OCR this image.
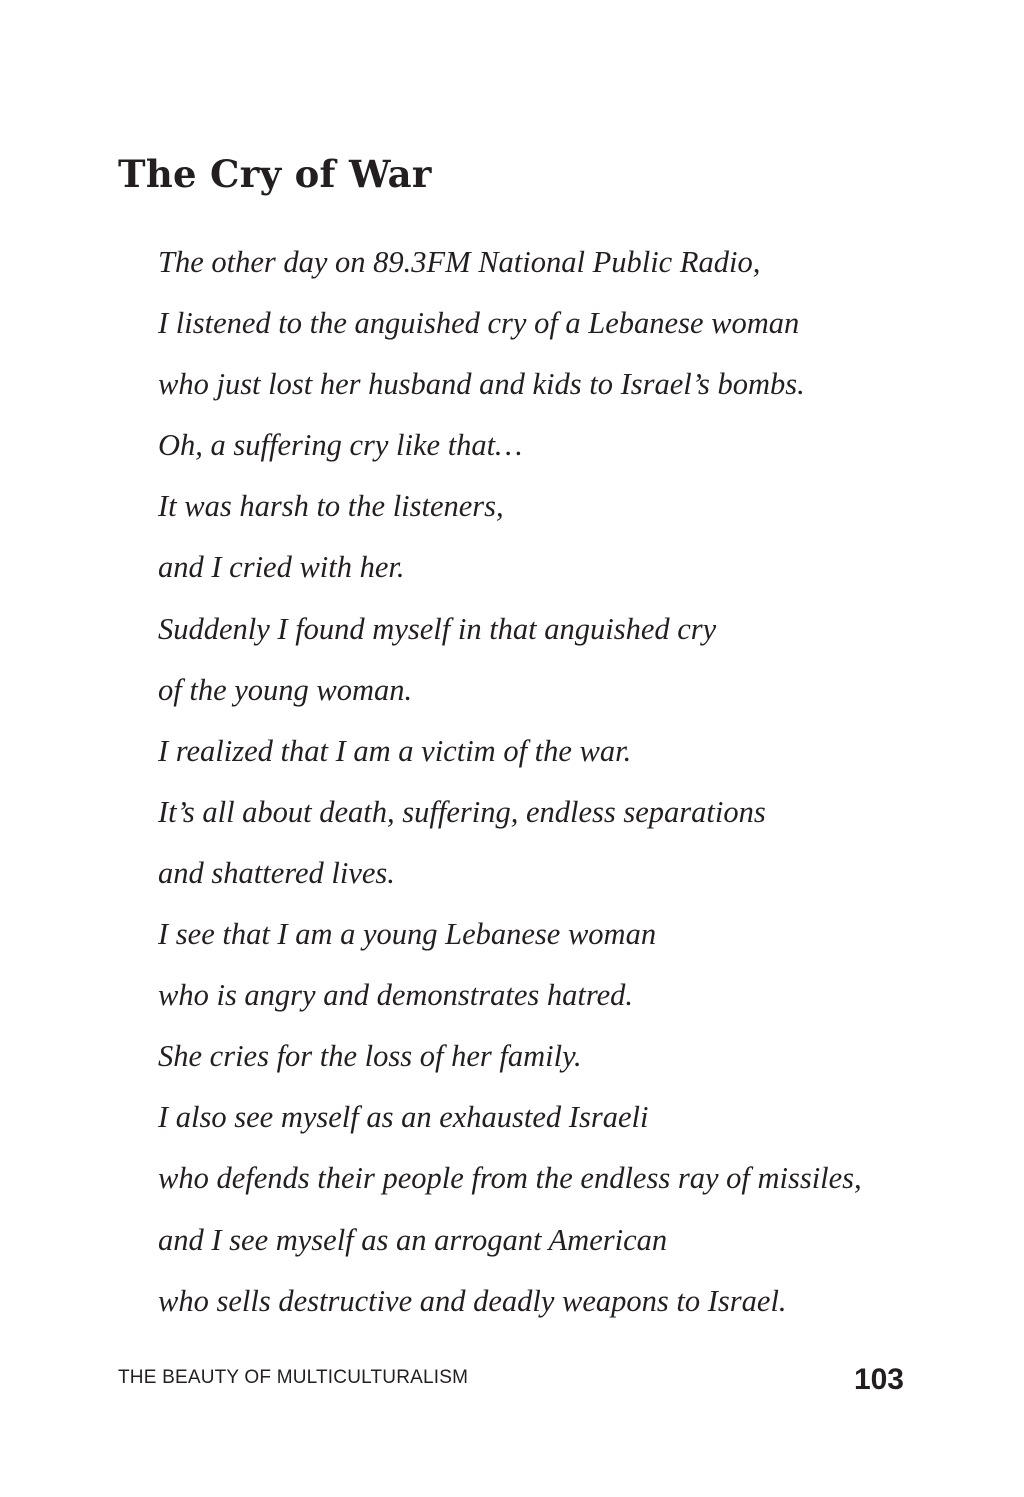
The Cry of War
The other day on 89.3FM National Public Radio,
I listened to the anguished cry of a Lebanese woman
who just lost her husband and kids to Israel’s bombs.
Oh, a suffering cry like that…
It was harsh to the listeners,
and I cried with her.
Suddenly I found myself in that anguished cry
of the young woman.
I realized that I am a victim of the war.
It’s all about death, suffering, endless separations
and shattered lives.
I see that I am a young Lebanese woman
who is angry and demonstrates hatred.
She cries for the loss of her family.
I also see myself as an exhausted Israeli
who defends their people from the endless ray of missiles,
and I see myself as an arrogant American
who sells destructive and deadly weapons to Israel.
THE BEAUTY OF MULTICULTURALISM	103
